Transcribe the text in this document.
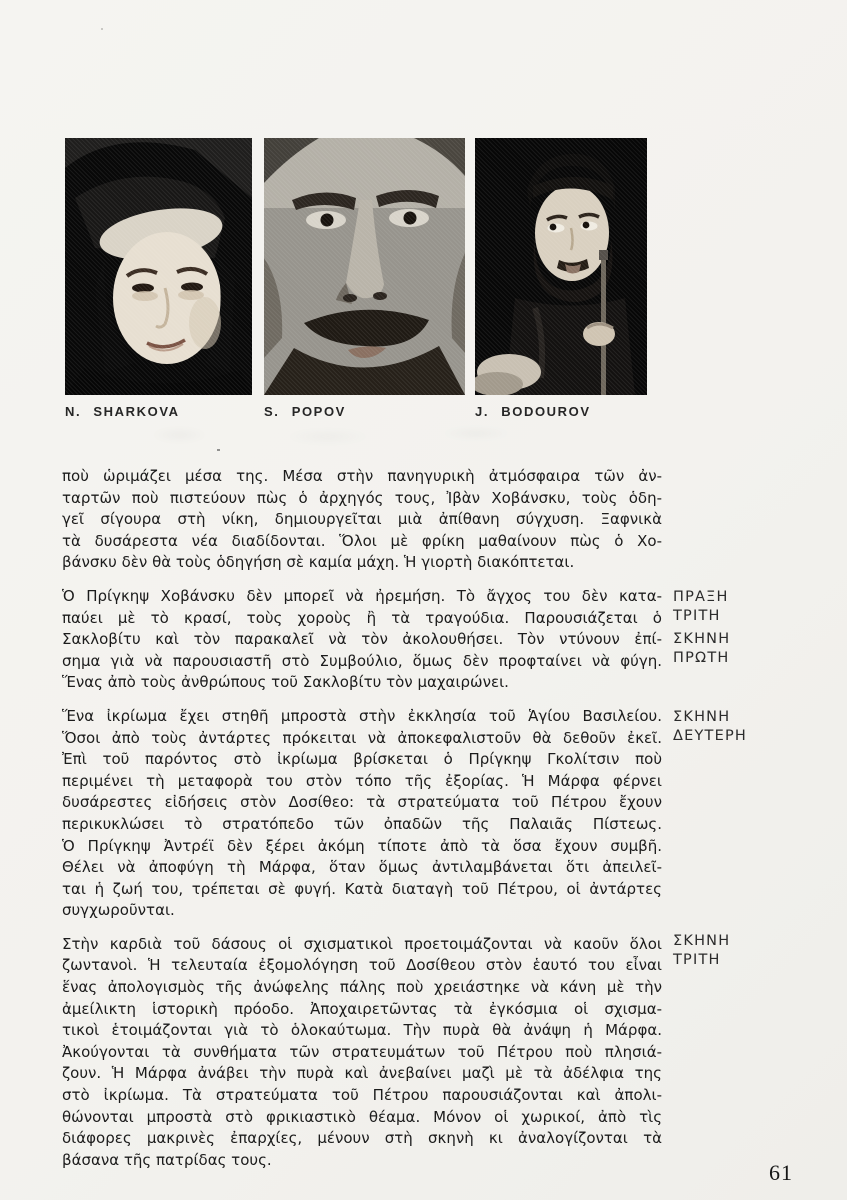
N. SHARKOVA	S. POPOV	J. BODOUROV
ποὺ ὡριμάζει μέσα της. Μέσα στὴν πανηγυρικὴ ἀτμόσφαιρα τῶν ἀν-
ταρτῶν ποὺ πιστεύουν πὼς ὁ ἀρχηγός τους, Ἰβὰν Χοβάνσκυ, τοὺς ὁδη-
γεῖ σίγουρα στὴ νίκη, δημιουργεῖται μιὰ ἀπίθανη σύγχυση. Ξαφνικὰ
τὰ δυσάρεστα νέα διαδίδονται. Ὅλοι μὲ φρίκη μαθαίνουν πὼς ὁ Χο-
βάνσκυ δὲν θὰ τοὺς ὁδηγήση σὲ καμία μάχη. Ἡ γιορτὴ διακόπτεται.
Ὁ Πρίγκηψ Χοβάνσκυ δὲν μπορεῖ νὰ ἠρεμήση. Τὸ ἄγχος του δὲν κατα-
παύει μὲ τὸ κρασί, τοὺς χοροὺς ἢ τὰ τραγούδια. Παρουσιάζεται ὁ
Σακλοβίτυ καὶ τὸν παρακαλεῖ νὰ τὸν ἀκολουθήσει. Τὸν ντύνουν ἐπί-
σημα γιὰ νὰ παρουσιαστῆ στὸ Συμβούλιο, ὅμως δὲν προφταίνει νὰ φύγη.
Ἕνας ἀπὸ τοὺς ἀνθρώπους τοῦ Σακλοβίτυ τὸν μαχαιρώνει.
Ἕνα ἰκρίωμα ἔχει στηθῆ μπροστὰ στὴν ἐκκλησία τοῦ Ἁγίου Βασιλείου.
Ὅσοι ἀπὸ τοὺς ἀντάρτες πρόκειται νὰ ἀποκεφαλιστοῦν θὰ δεθοῦν ἐκεῖ.
Ἐπὶ τοῦ παρόντος στὸ ἰκρίωμα βρίσκεται ὁ Πρίγκηψ Γκολίτσιν ποὺ
περιμένει τὴ μεταφορὰ του στὸν τόπο τῆς ἐξορίας. Ἡ Μάρφα φέρνει
δυσάρεστες εἰδήσεις στὸν Δοσίθεο: τὰ στρατεύματα τοῦ Πέτρου ἔχουν
περικυκλώσει τὸ στρατόπεδο τῶν ὀπαδῶν τῆς Παλαιᾶς Πίστεως.
Ὁ Πρίγκηψ Ἀντρέϊ δὲν ξέρει ἀκόμη τίποτε ἀπὸ τὰ ὅσα ἔχουν συμβῆ.
Θέλει νὰ ἀποφύγη τὴ Μάρφα, ὅταν ὅμως ἀντιλαμβάνεται ὅτι ἀπειλεῖ-
ται ἡ ζωή του, τρέπεται σὲ φυγή. Κατὰ διαταγὴ τοῦ Πέτρου, οἱ ἀντάρτες
συγχωροῦνται.
Στὴν καρδιὰ τοῦ δάσους οἱ σχισματικοὶ προετοιμάζονται νὰ καοῦν ὅλοι
ζωντανοὶ. Ἡ τελευταία ἐξομολόγηση τοῦ Δοσίθεου στὸν ἑαυτό του εἶναι
ἕνας ἀπολογισμὸς τῆς ἀνώφελης πάλης ποὺ χρειάστηκε νὰ κάνη μὲ τὴν
ἀμείλικτη ἱστορικὴ πρόοδο. Ἀποχαιρετῶντας τὰ ἐγκόσμια οἱ σχισμα-
τικοὶ ἑτοιμάζονται γιὰ τὸ ὁλοκαύτωμα. Τὴν πυρὰ θὰ ἀνάψη ἡ Μάρφα.
Ἀκούγονται τὰ συνθήματα τῶν στρατευμάτων τοῦ Πέτρου ποὺ πλησιά-
ζουν. Ἡ Μάρφα ἀνάβει τὴν πυρὰ καὶ ἀνεβαίνει μαζὶ μὲ τὰ ἀδέλφια της
στὸ ἰκρίωμα. Τὰ στρατεύματα τοῦ Πέτρου παρουσιάζονται καὶ ἀπολι-
θώνονται μπροστὰ στὸ φρικιαστικὸ θέαμα. Μόνον οἱ χωρικοί, ἀπὸ τὶς
διάφορες μακρινὲς ἐπαρχίες, μένουν στὴ σκηνὴ κι ἀναλογίζονται τὰ
βάσανα τῆς πατρίδας τους.
ΠΡΑΞΗ
ΤΡΙΤΗ
ΣΚΗΝΗ
ΠΡΩΤΗ
ΣΚΗΝΗ
ΔΕΥΤΕΡΗ
ΣΚΗΝΗ
ΤΡΙΤΗ
61
